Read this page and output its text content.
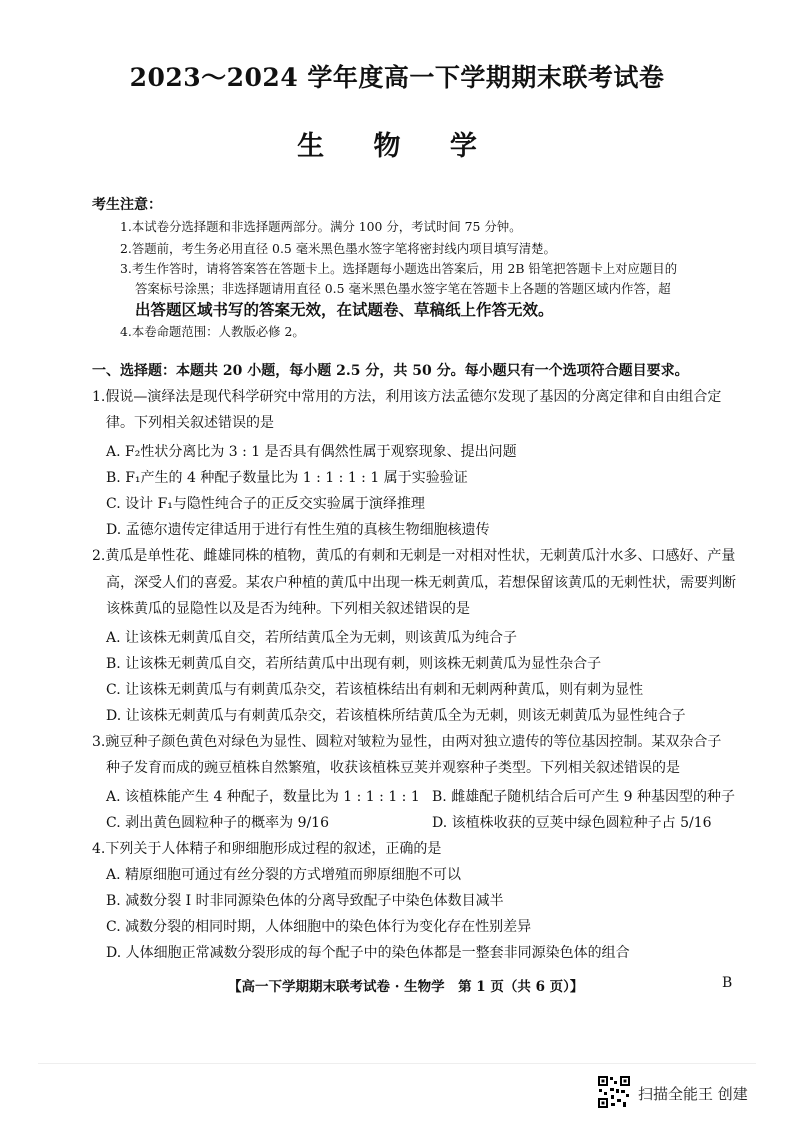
2023～2024 学年度高一下学期期末联考试卷
生 物 学
考生注意：
1.本试卷分选择题和非选择题两部分。满分 100 分，考试时间 75 分钟。
2.答题前，考生务必用直径 0.5 毫米黑色墨水签字笔将密封线内项目填写清楚。
3.考生作答时，请将答案答在答题卡上。选择题每小题选出答案后，用 2B 铅笔把答题卡上对应题目的
答案标号涂黑；非选择题请用直径 0.5 毫米黑色墨水签字笔在答题卡上各题的答题区域内作答，超
出答题区域书写的答案无效，在试题卷、草稿纸上作答无效。
4.本卷命题范围：人教版必修 2。
一、选择题：本题共 20 小题，每小题 2.5 分，共 50 分。每小题只有一个选项符合题目要求。
1.假说—演绎法是现代科学研究中常用的方法，利用该方法孟德尔发现了基因的分离定律和自由组合定
律。下列相关叙述错误的是
A. F₂性状分离比为 3 : 1 是否具有偶然性属于观察现象、提出问题
B. F₁产生的 4 种配子数量比为 1 : 1 : 1 : 1 属于实验验证
C. 设计 F₁与隐性纯合子的正反交实验属于演绎推理
D. 孟德尔遗传定律适用于进行有性生殖的真核生物细胞核遗传
2.黄瓜是单性花、雌雄同株的植物，黄瓜的有刺和无刺是一对相对性状，无刺黄瓜汁水多、口感好、产量
高，深受人们的喜爱。某农户种植的黄瓜中出现一株无刺黄瓜，若想保留该黄瓜的无刺性状，需要判断
该株黄瓜的显隐性以及是否为纯种。下列相关叙述错误的是
A. 让该株无刺黄瓜自交，若所结黄瓜全为无刺，则该黄瓜为纯合子
B. 让该株无刺黄瓜自交，若所结黄瓜中出现有刺，则该株无刺黄瓜为显性杂合子
C. 让该株无刺黄瓜与有刺黄瓜杂交，若该植株结出有刺和无刺两种黄瓜，则有刺为显性
D. 让该株无刺黄瓜与有刺黄瓜杂交，若该植株所结黄瓜全为无刺，则该无刺黄瓜为显性纯合子
3.豌豆种子颜色黄色对绿色为显性、圆粒对皱粒为显性，由两对独立遗传的等位基因控制。某双杂合子
种子发育而成的豌豆植株自然繁殖，收获该植株豆荚并观察种子类型。下列相关叙述错误的是
A. 该植株能产生 4 种配子，数量比为 1 : 1 : 1 : 1 B. 雌雄配子随机结合后可产生 9 种基因型的种子
C. 剥出黄色圆粒种子的概率为 9/16	D. 该植株收获的豆荚中绿色圆粒种子占 5/16
4.下列关于人体精子和卵细胞形成过程的叙述，正确的是
A. 精原细胞可通过有丝分裂的方式增殖而卵原细胞不可以
B. 减数分裂 Ⅰ 时非同源染色体的分离导致配子中染色体数目减半
C. 减数分裂的相同时期，人体细胞中的染色体行为变化存在性别差异
D. 人体细胞正常减数分裂形成的每个配子中的染色体都是一整套非同源染色体的组合
【高一下学期期末联考试卷 · 生物学　第 1 页（共 6 页）】	B
扫描全能王 创建
